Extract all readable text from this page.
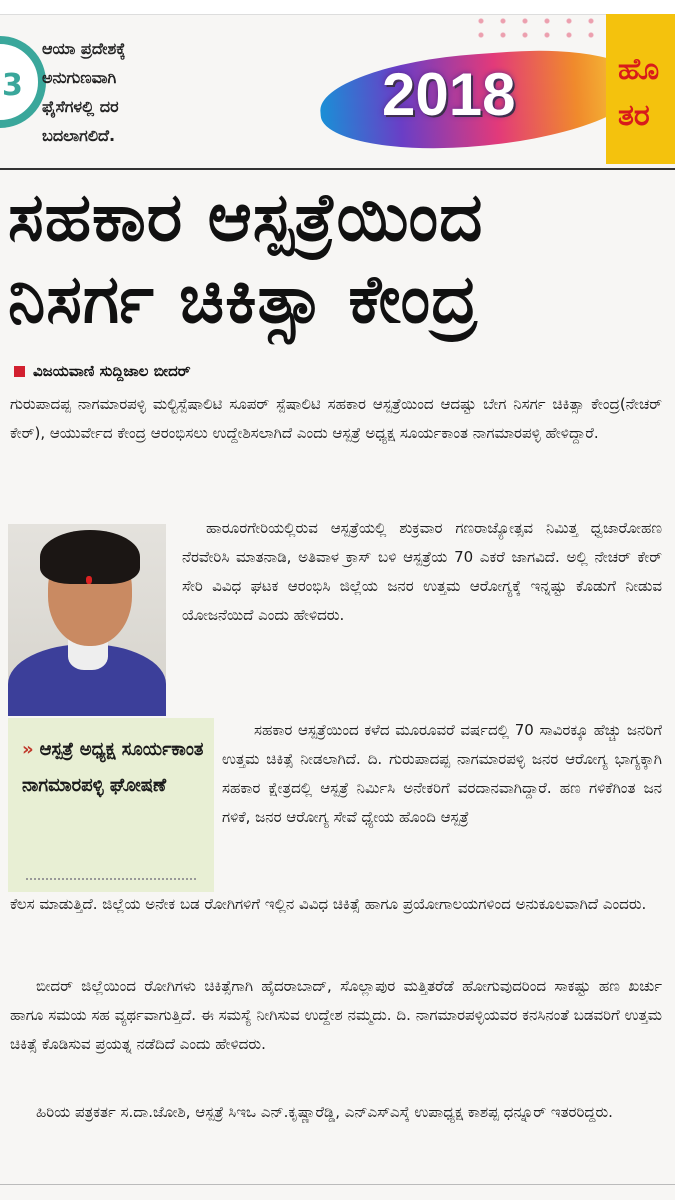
3
ಆಯಾ ಪ್ರದೇಶಕ್ಕೆ
ಅನುಗುಣವಾಗಿ
ಫೈಸೆಗಳಲ್ಲಿ ದರ
ಬದಲಾಗಲಿದೆ.
2018	ಹೊ
ತರ
ಸಹಕಾರ ಆಸ್ಪತ್ರೆಯಿಂದ
ನಿಸರ್ಗ ಚಿಕಿತ್ಸಾ ಕೇಂದ್ರ
ವಿಜಯವಾಣಿ ಸುದ್ದಿಜಾಲ ಬೀದರ್
ಗುರುಪಾದಪ್ಪ ನಾಗಮಾರಪಳ್ಳಿ ಮಲ್ಟಿಸ್ಪೆಷಾಲಿಟಿ ಸೂಪರ್ ಸ್ಪೆಷಾಲಿಟಿ ಸಹಕಾರ ಆಸ್ಪತ್ರೆಯಿಂದ ಆದಷ್ಟು ಬೇಗ ನಿಸರ್ಗ ಚಿಕಿತ್ಸಾ ಕೇಂದ್ರ(ನೇಚರ್ ಕೇರ್), ಆಯುರ್ವೇದ ಕೇಂದ್ರ ಆರಂಭಿಸಲು ಉದ್ದೇಶಿಸಲಾಗಿದೆ ಎಂದು ಆಸ್ಪತ್ರೆ ಅಧ್ಯಕ್ಷ ಸೂರ್ಯಕಾಂತ ನಾಗಮಾರಪಳ್ಳಿ ಹೇಳಿದ್ದಾರೆ.
ಹಾರೂರಗೇರಿಯಲ್ಲಿರುವ ಆಸ್ಪತ್ರೆಯಲ್ಲಿ ಶುಕ್ರವಾರ ಗಣರಾಜ್ಯೋತ್ಸವ ನಿಮಿತ್ತ ಧ್ವಜಾರೋಹಣ ನೆರವೇರಿಸಿ ಮಾತನಾಡಿ, ಅತಿವಾಳ ಕ್ರಾಸ್ ಬಳಿ ಆಸ್ಪತ್ರೆಯ 70 ಎಕರೆ ಜಾಗವಿದೆ. ಅಲ್ಲಿ ನೇಚರ್ ಕೇರ್ ಸೇರಿ ವಿವಿಧ ಘಟಕ ಆರಂಭಿಸಿ ಜಿಲ್ಲೆಯ ಜನರ ಉತ್ತಮ ಆರೋಗ್ಯಕ್ಕೆ ಇನ್ನಷ್ಟು ಕೊಡುಗೆ ನೀಡುವ ಯೋಜನೆಯಿದೆ ಎಂದು ಹೇಳಿದರು.
» ಆಸ್ಪತ್ರೆ ಅಧ್ಯಕ್ಷ ಸೂರ್ಯಕಾಂತ ನಾಗಮಾರಪಳ್ಳಿ ಘೋಷಣೆ
ಸಹಕಾರ ಆಸ್ಪತ್ರೆಯಿಂದ ಕಳೆದ ಮೂರೂವರೆ ವರ್ಷದಲ್ಲಿ 70 ಸಾವಿರಕ್ಕೂ ಹೆಚ್ಚು ಜನರಿಗೆ ಉತ್ತಮ ಚಿಕಿತ್ಸೆ ನೀಡಲಾಗಿದೆ. ದಿ. ಗುರುಪಾದಪ್ಪ ನಾಗಮಾರಪಳ್ಳಿ ಜನರ ಆರೋಗ್ಯ ಭಾಗ್ಯಕ್ಕಾಗಿ ಸಹಕಾರ ಕ್ಷೇತ್ರದಲ್ಲಿ ಆಸ್ಪತ್ರೆ ನಿರ್ಮಿಸಿ ಅನೇಕರಿಗೆ ವರದಾನವಾಗಿದ್ದಾರೆ. ಹಣ ಗಳಿಕೆಗಿಂತ ಜನ ಗಳಿಕೆ, ಜನರ ಆರೋಗ್ಯ ಸೇವೆ ಧ್ಯೇಯ ಹೊಂದಿ ಆಸ್ಪತ್ರೆ
ಕೆಲಸ ಮಾಡುತ್ತಿದೆ. ಜಿಲ್ಲೆಯ ಅನೇಕ ಬಡ ರೋಗಿಗಳಿಗೆ ಇಲ್ಲಿನ ವಿವಿಧ ಚಿಕಿತ್ಸೆ ಹಾಗೂ ಪ್ರಯೋಗಾಲಯಗಳಿಂದ ಅನುಕೂಲವಾಗಿದೆ ಎಂದರು.
ಬೀದರ್ ಜಿಲ್ಲೆಯಿಂದ ರೋಗಿಗಳು ಚಿಕಿತ್ಸೆಗಾಗಿ ಹೈದರಾಬಾದ್, ಸೊಲ್ಲಾಪುರ ಮತ್ತಿತರೆಡೆ ಹೋಗುವುದರಿಂದ ಸಾಕಷ್ಟು ಹಣ ಖರ್ಚು ಹಾಗೂ ಸಮಯ ಸಹ ವ್ಯರ್ಥವಾಗುತ್ತಿದೆ. ಈ ಸಮಸ್ಯೆ ನೀಗಿಸುವ ಉದ್ದೇಶ ನಮ್ಮದು. ದಿ. ನಾಗಮಾರಪಳ್ಳಿಯವರ ಕನಸಿನಂತೆ ಬಡವರಿಗೆ ಉತ್ತಮ ಚಿಕಿತ್ಸೆ ಕೊಡಿಸುವ ಪ್ರಯತ್ನ ನಡೆದಿದೆ ಎಂದು ಹೇಳಿದರು.
ಹಿರಿಯ ಪತ್ರಕರ್ತ ಸ.ದಾ.ಜೋಶಿ, ಆಸ್ಪತ್ರೆ ಸಿಇಒ ಎನ್.ಕೃಷ್ಣಾರೆಡ್ಡಿ, ಎನ್ಎಸ್ಎಸ್ಕೆ ಉಪಾಧ್ಯಕ್ಷ ಕಾಶಪ್ಪ ಧನ್ನೂರ್ ಇತರರಿದ್ದರು.
